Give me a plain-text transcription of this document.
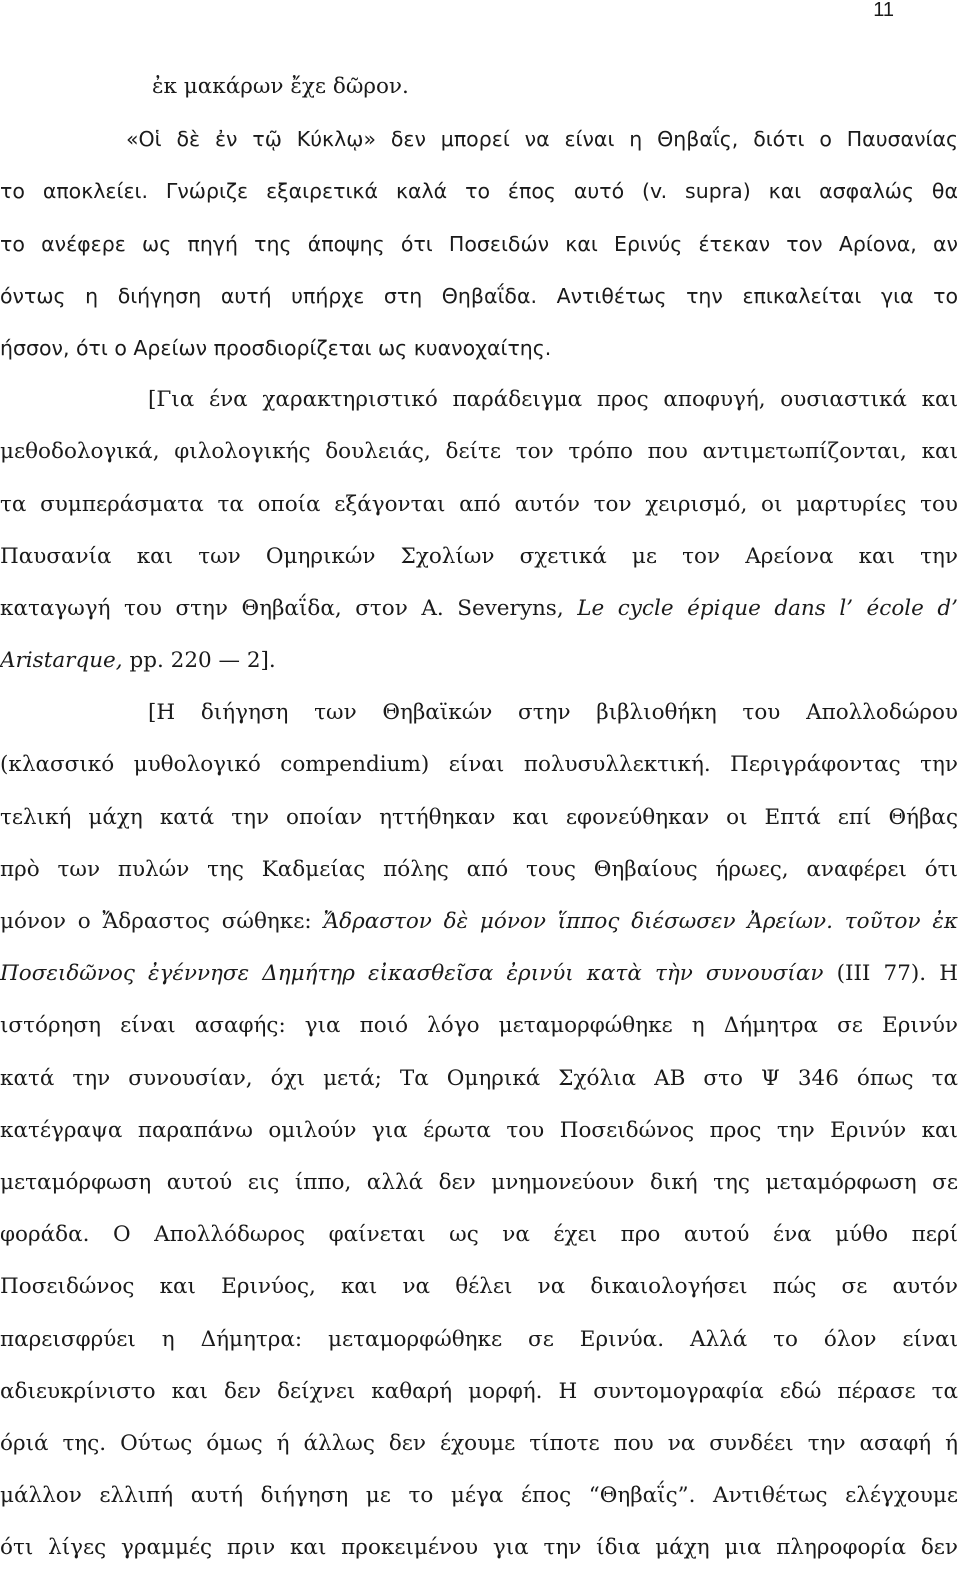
11
ἐκ μακάρων ἔχε δῶρον.
«Οἱ δὲ ἐν τῷ Κύκλῳ» δεν μπορεί να είναι η Θηβαΐς, διότι ο Παυσανίας
το αποκλείει. Γνώριζε εξαιρετικά καλά το έπος αυτό (v. supra) και ασφαλώς θα
το ανέφερε ως πηγή της άποψης ότι Ποσειδών και Ερινύς έτεκαν τον Αρίονα, αν
όντως η διήγηση αυτή υπήρχε στη Θηβαΐδα. Αντιθέτως την επικαλείται για το
ήσσον, ότι ο Αρείων προσδιορίζεται ως κυανοχαίτης.
[Για ένα χαρακτηριστικό παράδειγμα προς αποφυγή, ουσιαστικά και
μεθοδολογικά, φιλολογικής δουλειάς, δείτε τον τρόπο που αντιμετωπίζονται, και
τα συμπεράσματα τα οποία εξάγονται από αυτόν τον χειρισμό, οι μαρτυρίες του
Παυσανία και των Ομηρικών Σχολίων σχετικά με τον Αρείονα και την
καταγωγή του στην Θηβαΐδα, στον Α. Severyns, Le cycle épique dans l’ école d’
Aristarque, pp. 220 — 2].
[Η διήγηση των Θηβαϊκών στην βιβλιοθήκη του Απολλοδώρου
(κλασσικό μυθολογικό compendium) είναι πολυσυλλεκτική. Περιγράφοντας την
τελική μάχη κατά την οποίαν ηττήθηκαν και εφονεύθηκαν οι Επτά επί Θήβας
πρὸ των πυλών της Καδμείας πόλης από τους Θηβαίους ήρωες, αναφέρει ότι
μόνον ο Ἄδραστος σώθηκε: Ἄδραστον δὲ μόνον ἵππος διέσωσεν Ἀρείων. τοῦτον ἐκ
Ποσειδῶνος ἐγέννησε Δημήτηρ εἰκασθεῖσα ἐρινύι κατὰ τὴν συνουσίαν (ΙΙΙ 77). Η
ιστόρηση είναι ασαφής: για ποιό λόγο μεταμορφώθηκε η Δήμητρα σε Ερινύν
κατά την συνουσίαν, όχι μετά; Τα Ομηρικά Σχόλια ΑΒ στο Ψ 346 όπως τα
κατέγραψα παραπάνω ομιλούν για έρωτα του Ποσειδώνος προς την Ερινύν και
μεταμόρφωση αυτού εις ίππο, αλλά δεν μνημονεύουν δική της μεταμόρφωση σε
φοράδα. Ο Απολλόδωρος φαίνεται ως να έχει προ αυτού ένα μύθο περί
Ποσειδώνος και Ερινύος, και να θέλει να δικαιολογήσει πώς σε αυτόν
παρεισφρύει η Δήμητρα: μεταμορφώθηκε σε Ερινύα. Αλλά το όλον είναι
αδιευκρίνιστο και δεν δείχνει καθαρή μορφή. Η συντομογραφία εδώ πέρασε τα
όριά της. Ούτως όμως ή άλλως δεν έχουμε τίποτε που να συνδέει την ασαφή ή
μάλλον ελλιπή αυτή διήγηση με το μέγα έπος “Θηβαΐς”. Αντιθέτως ελέγχουμε
ότι λίγες γραμμές πριν και προκειμένου για την ίδια μάχη μια πληροφορία δεν
